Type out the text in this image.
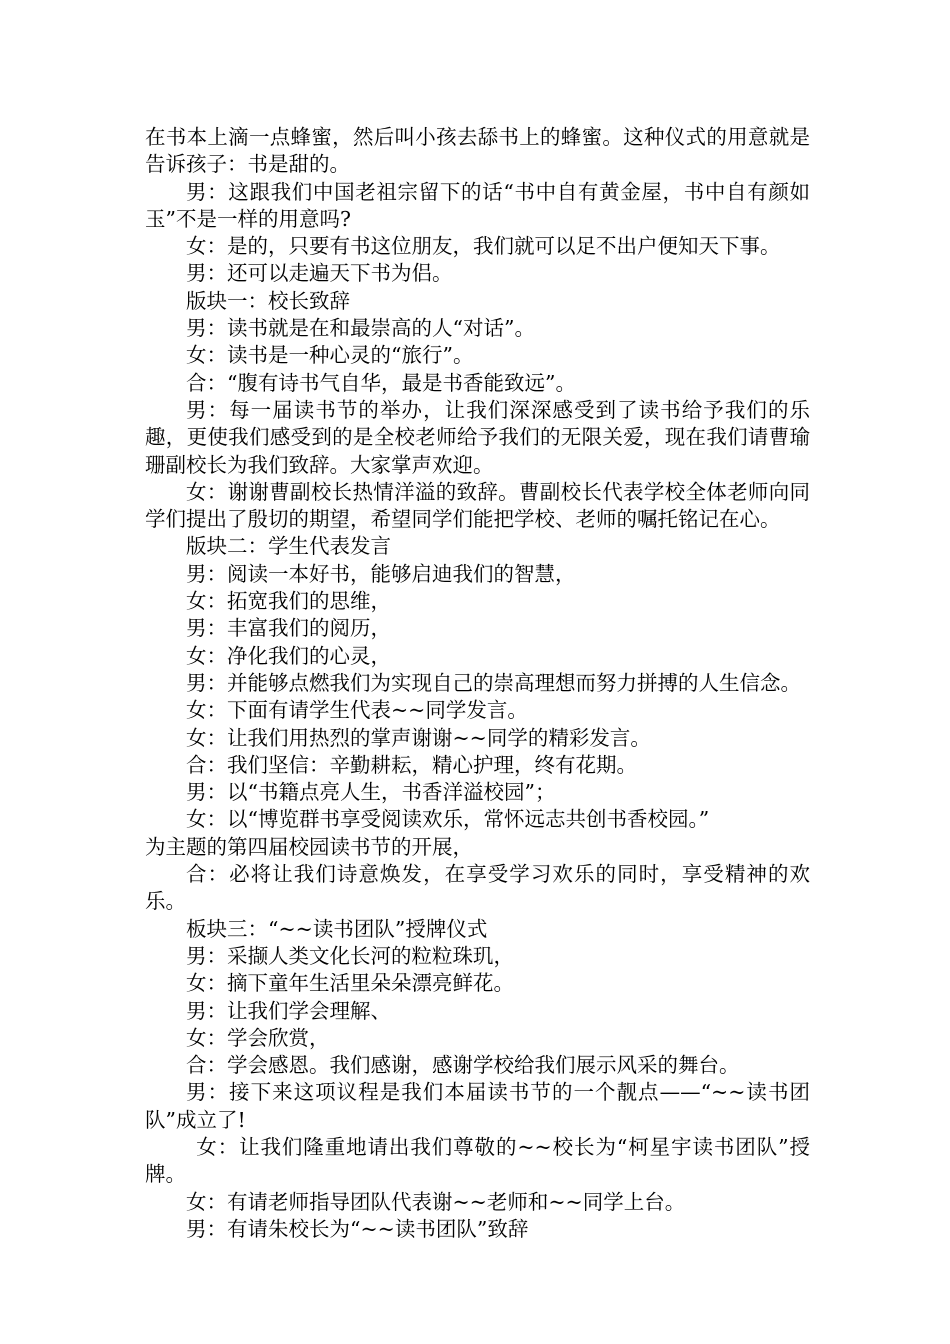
在书本上滴一点蜂蜜，然后叫小孩去舔书上的蜂蜜。这种仪式的用意就是告诉孩子：书是甜的。

男：这跟我们中国老祖宗留下的话“书中自有黄金屋，书中自有颜如玉”不是一样的用意吗?

女：是的，只要有书这位朋友，我们就可以足不出户便知天下事。

男：还可以走遍天下书为侣。

版块一：校长致辞

男：读书就是在和最崇高的人“对话”。

女：读书是一种心灵的“旅行”。

合：“腹有诗书气自华，最是书香能致远”。

男：每一届读书节的举办，让我们深深感受到了读书给予我们的乐趣，更使我们感受到的是全校老师给予我们的无限关爱，现在我们请曹瑜珊副校长为我们致辞。大家掌声欢迎。

女：谢谢曹副校长热情洋溢的致辞。曹副校长代表学校全体老师向同学们提出了殷切的期望，希望同学们能把学校、老师的嘱托铭记在心。

版块二：学生代表发言

男：阅读一本好书，能够启迪我们的智慧，

女：拓宽我们的思维，

男：丰富我们的阅历，

女：净化我们的心灵，

男：并能够点燃我们为实现自己的崇高理想而努力拼搏的人生信念。

女：下面有请学生代表~~同学发言。

女：让我们用热烈的掌声谢谢~~同学的精彩发言。

合：我们坚信：辛勤耕耘，精心护理，终有花期。

男：以“书籍点亮人生，书香洋溢校园”；

女：以“博览群书享受阅读欢乐，常怀远志共创书香校园。”

为主题的第四届校园读书节的开展，

合：必将让我们诗意焕发，在享受学习欢乐的同时，享受精神的欢乐。

板块三：“~~读书团队”授牌仪式

男：采撷人类文化长河的粒粒珠玑，

女：摘下童年生活里朵朵漂亮鲜花。

男：让我们学会理解、

女：学会欣赏，

合：学会感恩。我们感谢，感谢学校给我们展示风采的舞台。

男：接下来这项议程是我们本届读书节的一个靓点——“~~读书团队”成立了!

女：让我们隆重地请出我们尊敬的~~校长为“柯星宇读书团队”授牌。

女：有请老师指导团队代表谢~~老师和~~同学上台。

男：有请朱校长为“~~读书团队”致辞
